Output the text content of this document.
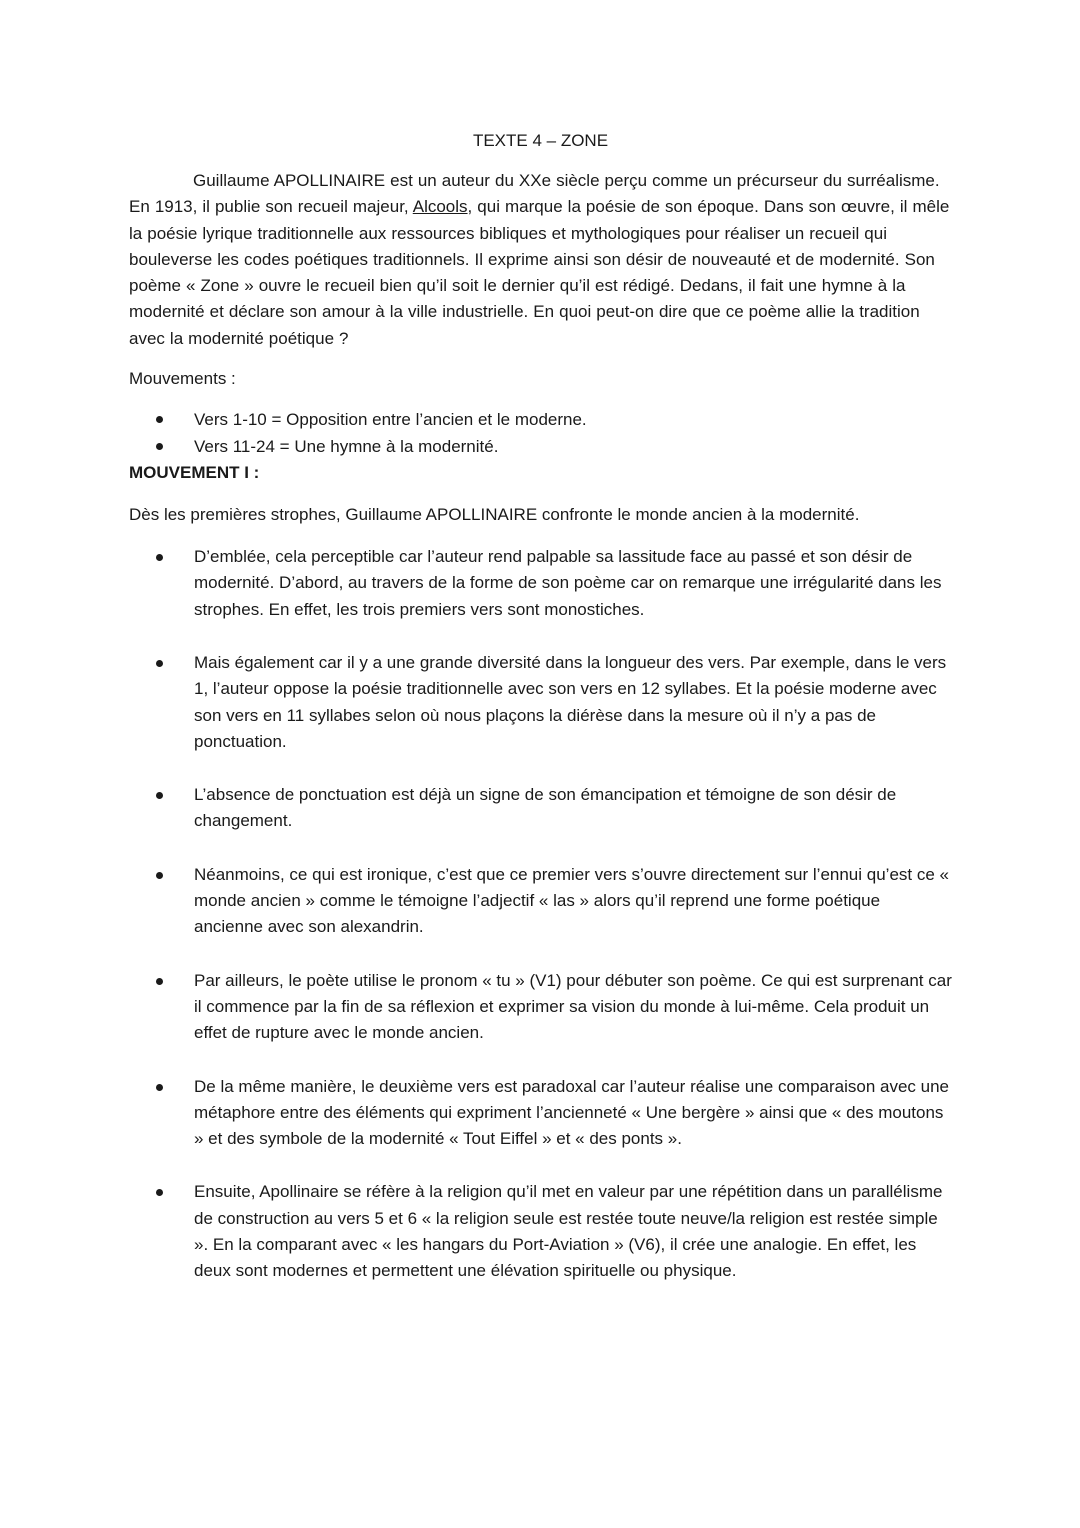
TEXTE 4 – ZONE

Guillaume APOLLINAIRE est un auteur du XXe siècle perçu comme un précurseur du surréalisme. En 1913, il publie son recueil majeur, Alcools, qui marque la poésie de son époque. Dans son œuvre, il mêle la poésie lyrique traditionnelle aux ressources bibliques et mythologiques pour réaliser un recueil qui bouleverse les codes poétiques traditionnels. Il exprime ainsi son désir de nouveauté et de modernité. Son poème « Zone » ouvre le recueil bien qu’il soit le dernier qu’il est rédigé. Dedans, il fait une hymne à la modernité et déclare son amour à la ville industrielle. En quoi peut-on dire que ce poème allie la tradition avec la modernité poétique ?

Mouvements :
Vers 1-10 = Opposition entre l’ancien et le moderne.
Vers 11-24 = Une hymne à la modernité.
MOUVEMENT I :

Dès les premières strophes, Guillaume APOLLINAIRE confronte le monde ancien à la modernité.

D’emblée, cela perceptible car l’auteur rend palpable sa lassitude face au passé et son désir de modernité. D’abord, au travers de la forme de son poème car on remarque une irrégularité dans les strophes. En effet, les trois premiers vers sont monostiches.
Mais également car il y a une grande diversité dans la longueur des vers. Par exemple, dans le vers 1, l’auteur oppose la poésie traditionnelle avec son vers en 12 syllabes. Et la poésie moderne avec son vers en 11 syllabes selon où nous plaçons la diérèse dans la mesure où il n’y a pas de ponctuation.
L’absence de ponctuation est déjà un signe de son émancipation et témoigne de son désir de changement.
Néanmoins, ce qui est ironique, c’est que ce premier vers s’ouvre directement sur l’ennui qu’est ce « monde ancien » comme le témoigne l’adjectif « las » alors qu’il reprend une forme poétique ancienne avec son alexandrin.
Par ailleurs, le poète utilise le pronom « tu » (V1) pour débuter son poème. Ce qui est surprenant car il commence par la fin de sa réflexion et exprimer sa vision du monde à lui-même. Cela produit un effet de rupture avec le monde ancien.
De la même manière, le deuxième vers est paradoxal car l’auteur réalise une comparaison avec une métaphore entre des éléments qui expriment l’ancienneté « Une bergère » ainsi que « des moutons » et des symbole de la modernité « Tout Eiffel » et « des ponts ».
Ensuite, Apollinaire se réfère à la religion qu’il met en valeur par une répétition dans un parallélisme de construction au vers 5 et 6 « la religion seule est restée toute neuve/la religion est restée simple ». En la comparant avec « les hangars du Port-Aviation » (V6), il crée une analogie. En effet, les deux sont modernes et permettent une élévation spirituelle ou physique.
